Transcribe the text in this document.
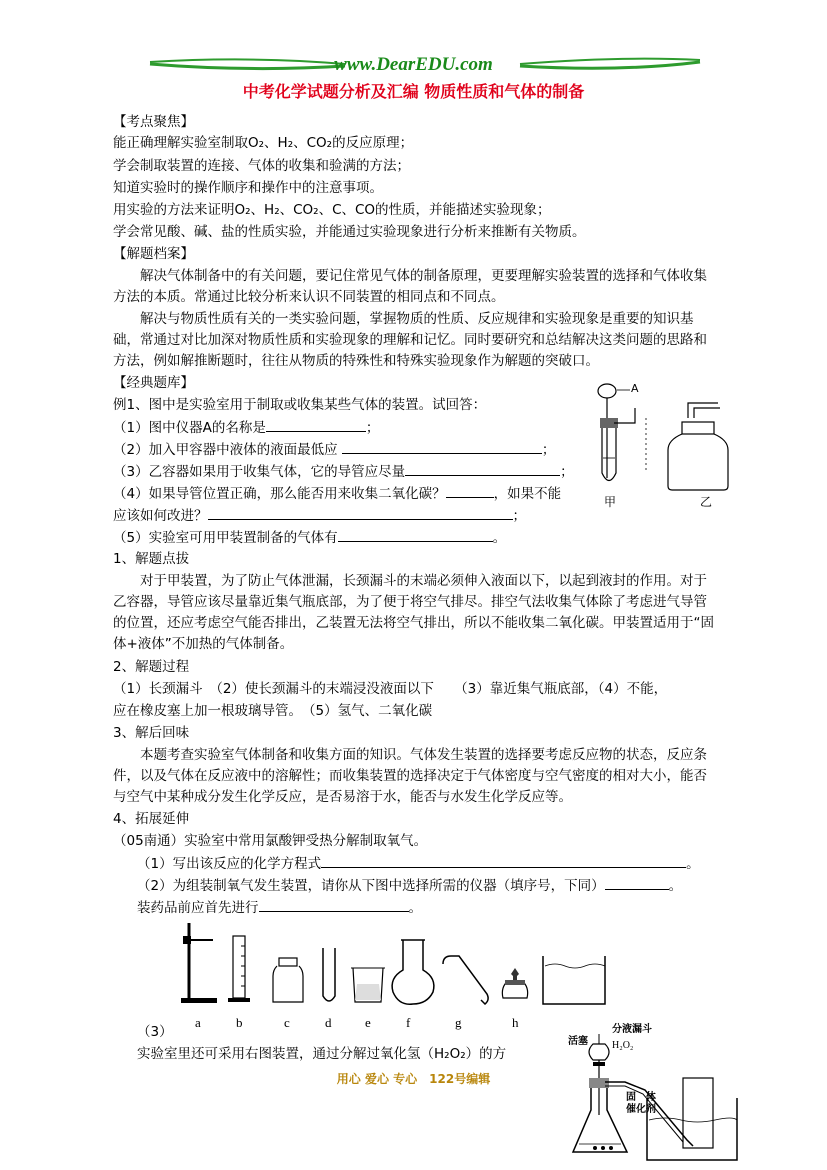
www.DearEDU.com
中考化学试题分析及汇编 物质性质和气体的制备
【考点聚焦】
能正确理解实验室制取O₂、H₂、CO₂的反应原理；
学会制取装置的连接、气体的收集和验满的方法；
知道实验时的操作顺序和操作中的注意事项。
用实验的方法来证明O₂、H₂、CO₂、C、CO的性质，并能描述实验现象；
学会常见酸、碱、盐的性质实验，并能通过实验现象进行分析来推断有关物质。
【解题档案】
解决气体制备中的有关问题，要记住常见气体的制备原理，更要理解实验装置的选择和气体收集方法的本质。常通过比较分析来认识不同装置的相同点和不同点。
解决与物质性质有关的一类实验问题，掌握物质的性质、反应规律和实验现象是重要的知识基础，常通过对比加深对物质性质和实验现象的理解和记忆。同时要研究和总结解决这类问题的思路和方法，例如解推断题时，往往从物质的特殊性和特殊实验现象作为解题的突破口。
【经典题库】
例1、图中是实验室用于制取或收集某些气体的装置。试回答：
（1）图中仪器A的名称是	；
（2）加入甲容器中液体的液面最低应	；
（3）乙容器如果用于收集气体，它的导管应尽量	；
（4）如果导管位置正确，那么能否用来收集二氧化碳？	，如果不能
应该如何改进？	；
（5）实验室可用甲装置制备的气体有	。
A
甲	乙
1、解题点拔
对于甲装置，为了防止气体泄漏，长颈漏斗的末端必须伸入液面以下，以起到液封的作用。对于乙容器，导管应该尽量靠近集气瓶底部，为了便于将空气排尽。排空气法收集气体除了考虑进气导管的位置，还应考虑空气能否排出，乙装置无法将空气排出，所以不能收集二氧化碳。甲装置适用于“固体+液体”不加热的气体制备。
2、解题过程
（1）长颈漏斗　（2）使长颈漏斗的末端浸没液面以下　　（3）靠近集气瓶底部，（4）不能，
应在橡皮塞上加一根玻璃导管。　（5）氢气、二氧化碳
3、解后回味
本题考查实验室气体制备和收集方面的知识。气体发生装置的选择要考虑反应物的状态，反应条件，以及气体在反应液中的溶解性；而收集装置的选择决定于气体密度与空气密度的相对大小，能否与空气中某种成分发生化学反应，是否易溶于水，能否与水发生化学反应等。
4、拓展延伸
（05南通）实验室中常用氯酸钾受热分解制取氧气。
（1）写出该反应的化学方程式	。
（2）为组装制氧气发生装置，请你从下图中选择所需的仪器（填序号，下同）	。
装药品前应首先进行	。
a	b	c	d	e	f	g	h
（3）
实验室里还可采用右图装置，通过分解过氧化氢（H₂O₂）的方
分液漏斗
活塞 H₂O₂
固　体
催化剂
用心 爱心 专心　122号编辑
